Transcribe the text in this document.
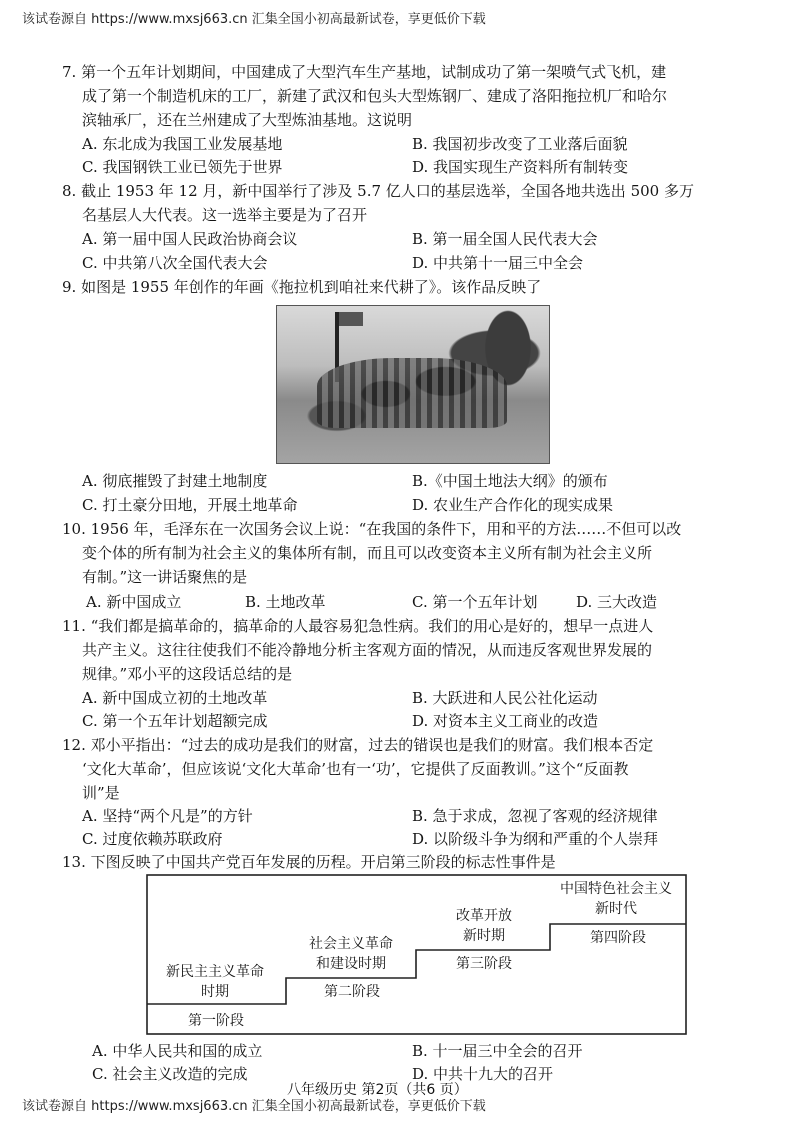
该试卷源自 https://www.mxsj663.cn 汇集全国小初高最新试卷，享更低价下载
7. 第一个五年计划期间，中国建成了大型汽车生产基地，试制成功了第一架喷气式飞机，建
成了第一个制造机床的工厂，新建了武汉和包头大型炼钢厂、建成了洛阳拖拉机厂和哈尔
滨轴承厂，还在兰州建成了大型炼油基地。这说明
A. 东北成为我国工业发展基地	B. 我国初步改变了工业落后面貌
C. 我国钢铁工业已领先于世界	D. 我国实现生产资料所有制转变
8. 截止 1953 年 12 月，新中国举行了涉及 5.7 亿人口的基层选举，全国各地共选出 500 多万
名基层人大代表。这一选举主要是为了召开
A. 第一届中国人民政治协商会议	B. 第一届全国人民代表大会
C. 中共第八次全国代表大会	D. 中共第十一届三中全会
9. 如图是 1955 年创作的年画《拖拉机到咱社来代耕了》。该作品反映了
A. 彻底摧毁了封建土地制度	B.《中国土地法大纲》的颁布
C. 打土豪分田地，开展土地革命	D. 农业生产合作化的现实成果
10. 1956 年，毛泽东在一次国务会议上说：“在我国的条件下，用和平的方法……不但可以改
变个体的所有制为社会主义的集体所有制，而且可以改变资本主义所有制为社会主义所
有制。”这一讲话聚焦的是
A. 新中国成立	B. 土地改革	C. 第一个五年计划	D. 三大改造
11. “我们都是搞革命的，搞革命的人最容易犯急性病。我们的用心是好的，想早一点进人
共产主义。这往往使我们不能冷静地分析主客观方面的情况，从而违反客观世界发展的
规律。”邓小平的这段话总结的是
A. 新中国成立初的土地改革	B. 大跃进和人民公社化运动
C. 第一个五年计划超额完成	D. 对资本主义工商业的改造
12. 邓小平指出：“过去的成功是我们的财富，过去的错误也是我们的财富。我们根本否定
‘文化大革命’，但应该说‘文化大革命’也有一‘功’，它提供了反面教训。”这个“反面教
训”是
A. 坚持“两个凡是”的方针	B. 急于求成，忽视了客观的经济规律
C. 过度依赖苏联政府	D. 以阶级斗争为纲和严重的个人崇拜
13. 下图反映了中国共产党百年发展的历程。开启第三阶段的标志性事件是
第一阶段
第二阶段
第三阶段
第四阶段
新民主主义革命
时期
社会主义革命
和建设时期
改革开放
新时期
中国特色社会主义
新时代
A. 中华人民共和国的成立	B. 十一届三中全会的召开
C. 社会主义改造的完成	D. 中共十九大的召开
该试卷源自 https://www.mxsj663.cn 汇集全国小初高最新试卷，享更低价下载
八年级历史 第2页（共6 页）
